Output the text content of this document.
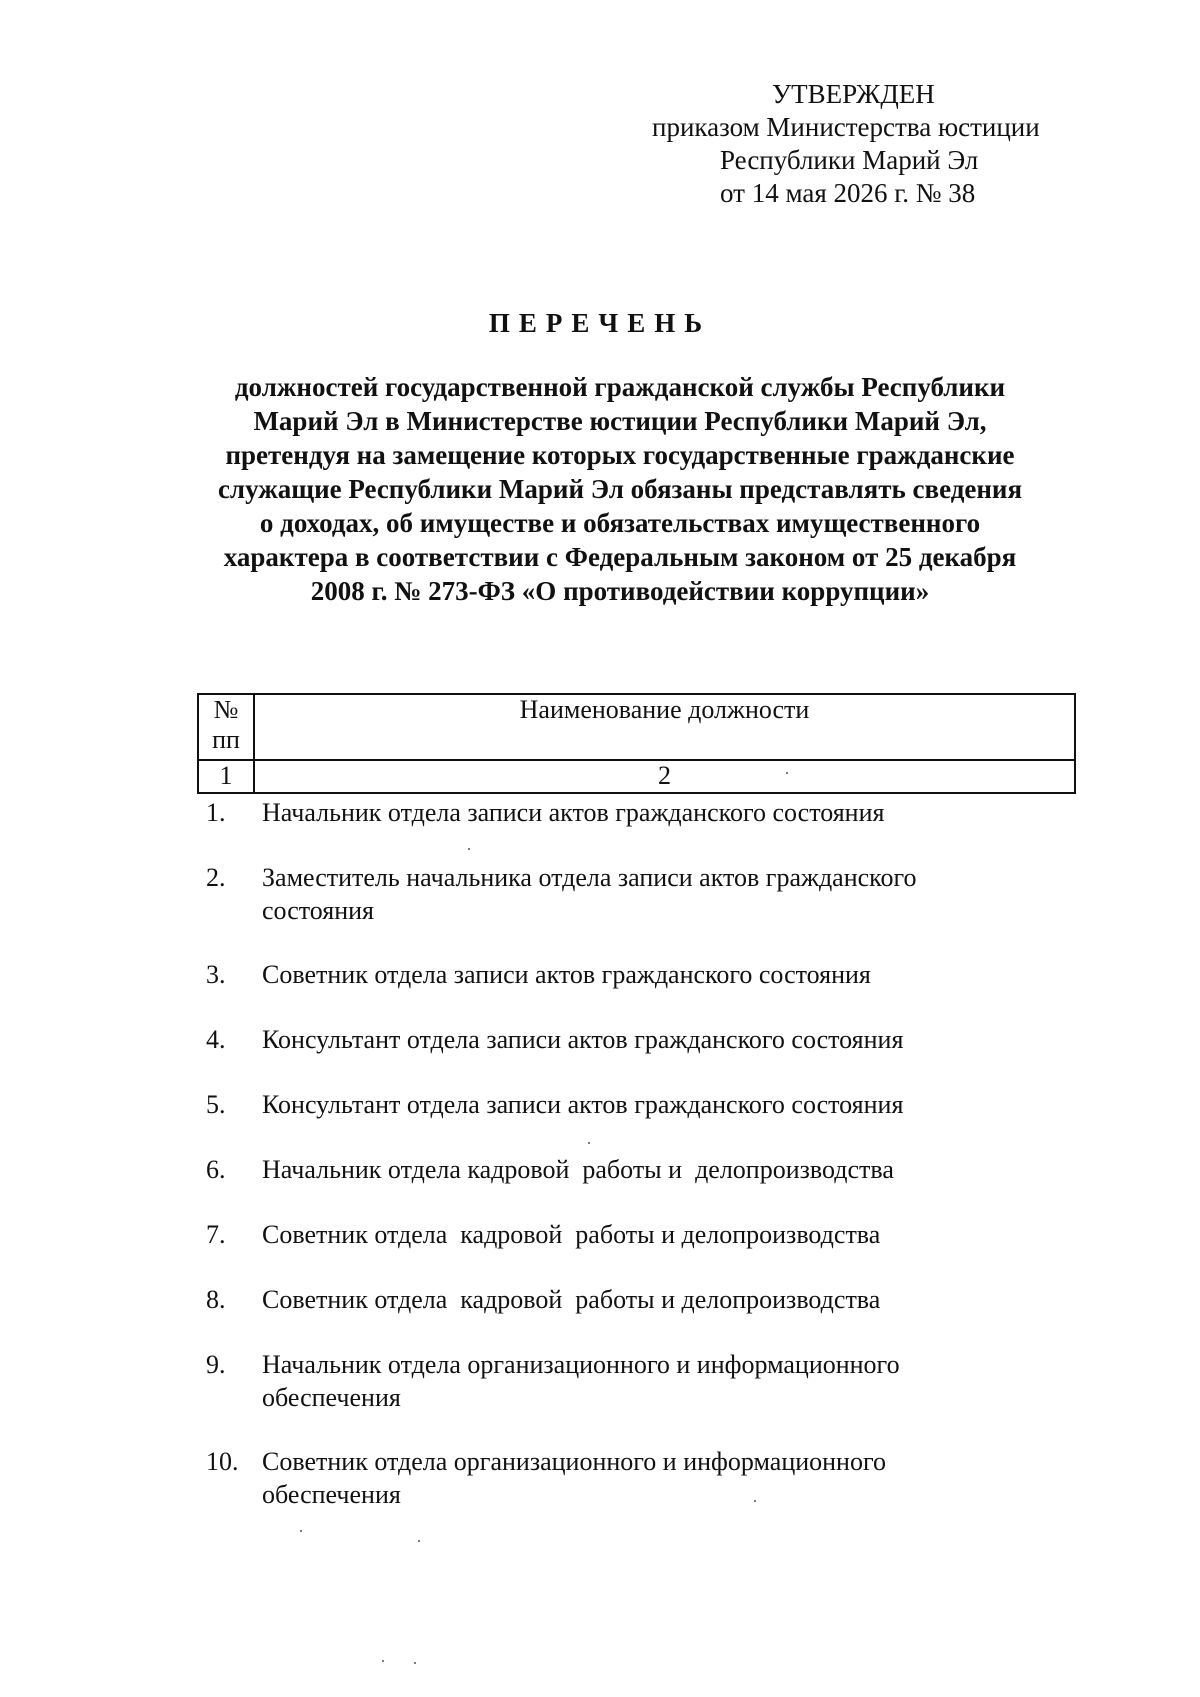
УТВЕРЖДЕН
приказом Министерства юстиции
Республики Марий Эл
от 14 мая 2026 г. № 38
ПЕРЕЧЕНЬ
должностей государственной гражданской службы Республики
Марий Эл в Министерстве юстиции Республики Марий Эл,
претендуя на замещение которых государственные гражданские
служащие Республики Марий Эл обязаны представлять сведения
о доходах, об имуществе и обязательствах имущественного
характера в соответствии с Федеральным законом от 25 декабря
2008 г. № 273-ФЗ «О противодействии коррупции»
№
пп	Наименование должности
1	2
1.	Начальник отдела записи актов гражданского состояния
2.	Заместитель начальника отдела записи актов гражданского
состояния
3.	Советник отдела записи актов гражданского состояния
4.	Консультант отдела записи актов гражданского состояния
5.	Консультант отдела записи актов гражданского состояния
6.	Начальник отдела кадровой  работы и  делопроизводства
7.	Советник отдела  кадровой  работы и делопроизводства
8.	Советник отдела  кадровой  работы и делопроизводства
9.	Начальник отдела организационного и информационного
обеспечения
10. Советник отдела организационного и информационного
обеспечения
